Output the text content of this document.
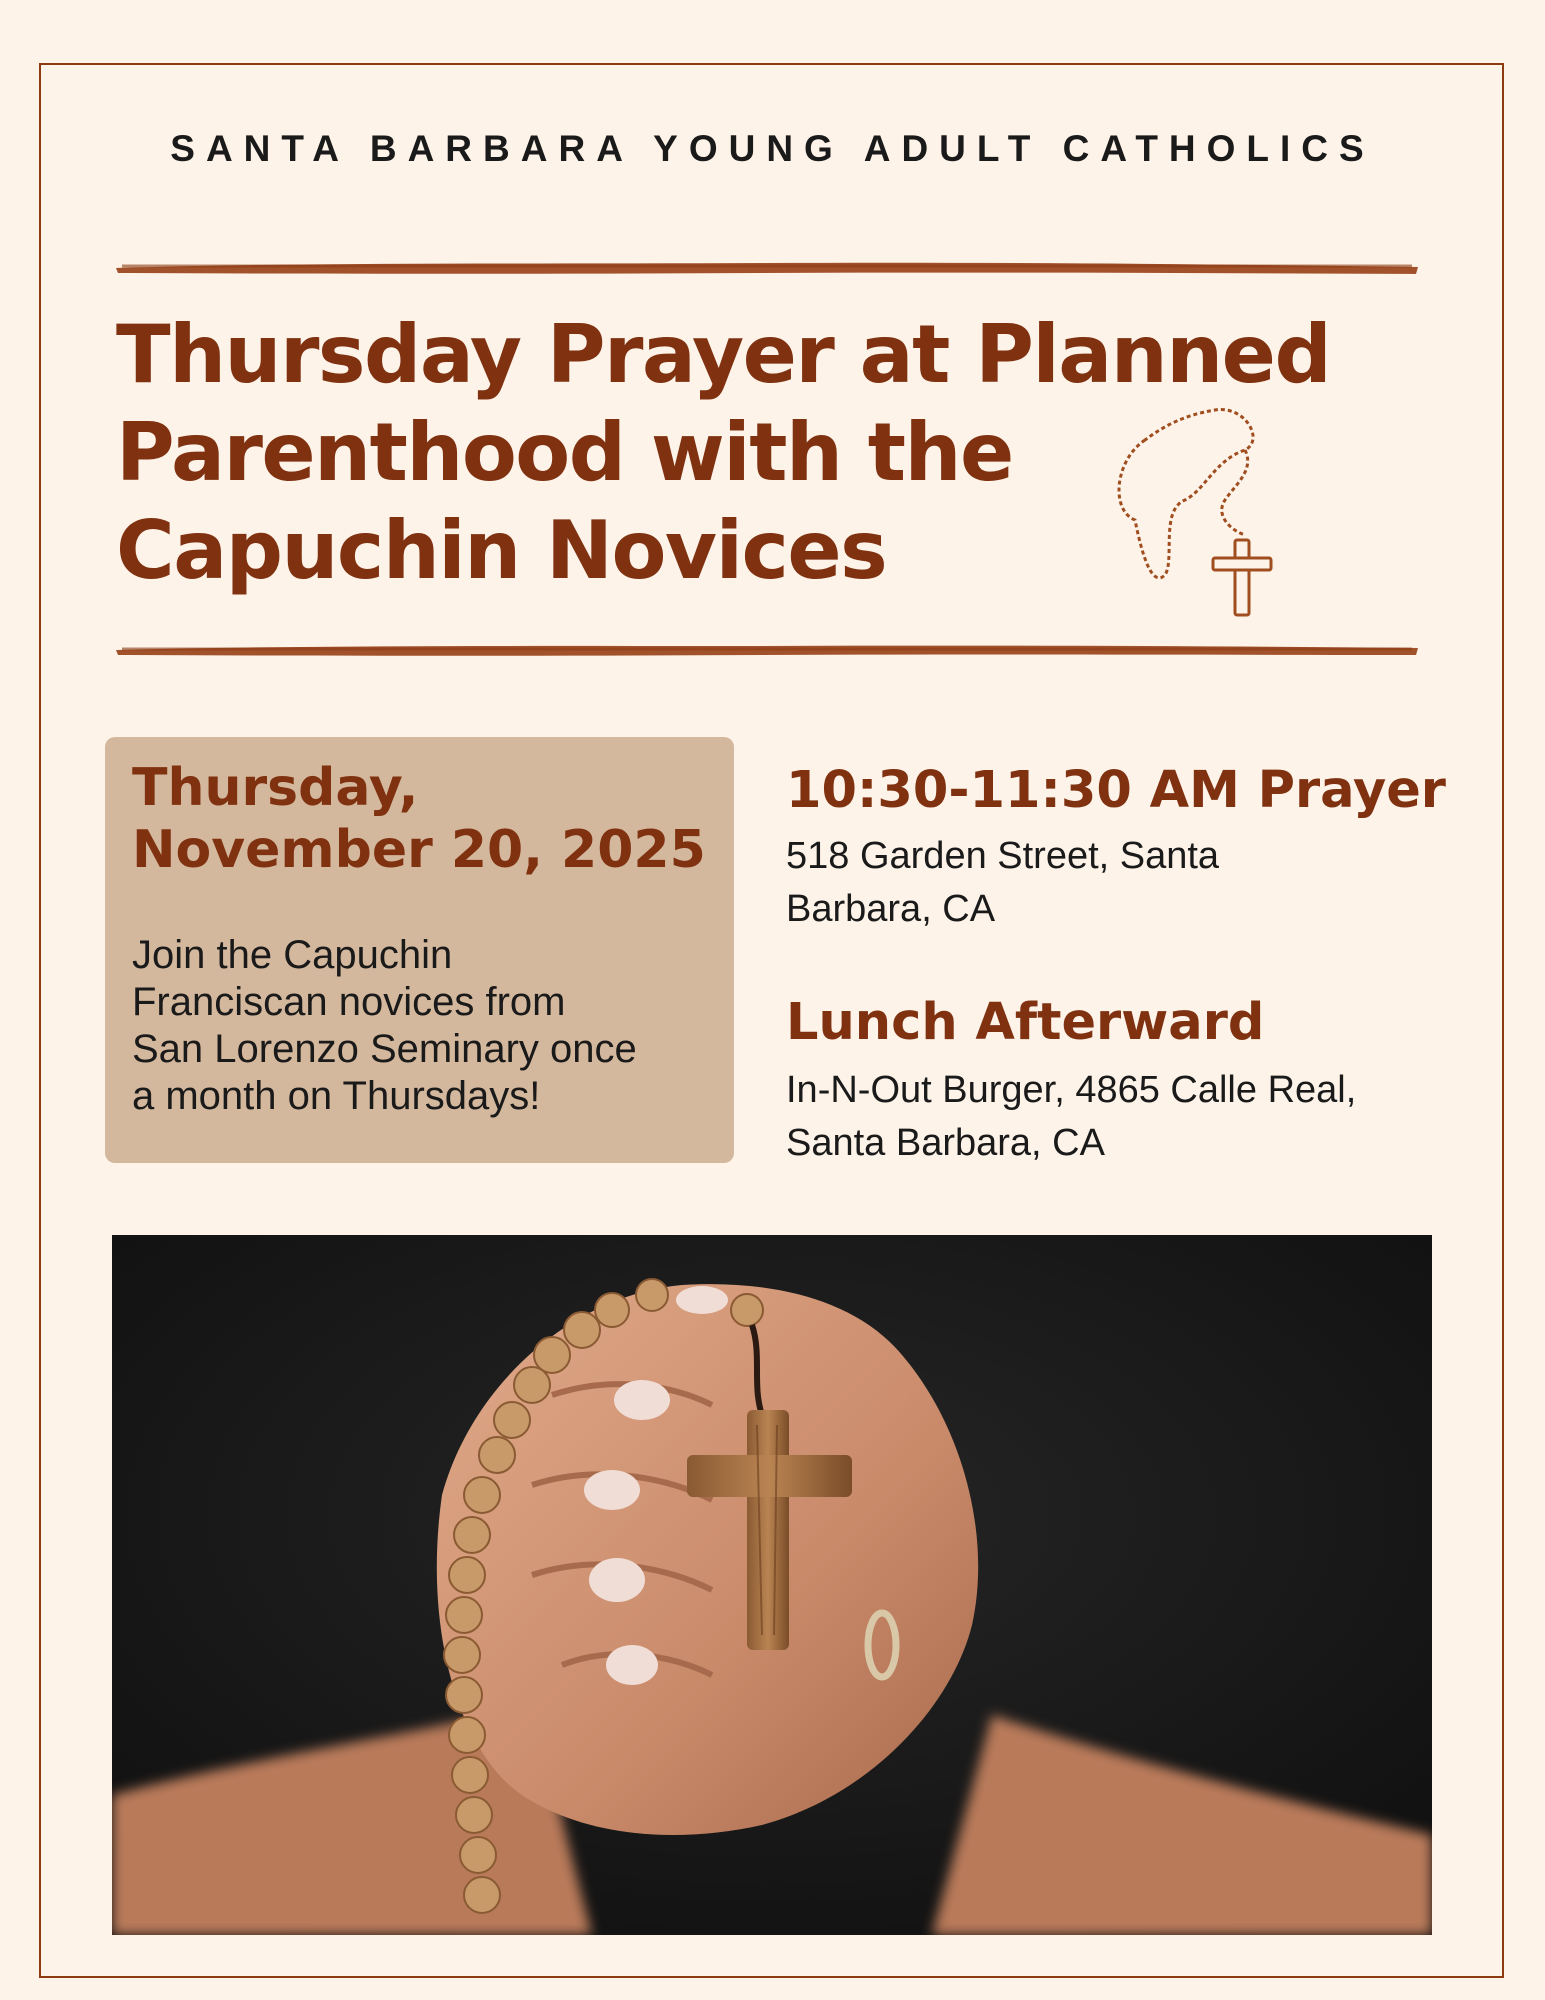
SANTA BARBARA YOUNG ADULT CATHOLICS
Thursday Prayer at Planned
Parenthood with the
Capuchin Novices
Thursday,
November 20, 2025

Join the Capuchin
Franciscan novices from
San Lorenzo Seminary once
a month on Thursdays!

10:30-11:30 AM Prayer

518 Garden Street, Santa
Barbara, CA

Lunch Afterward

In-N-Out Burger, 4865 Calle Real,
Santa Barbara, CA
